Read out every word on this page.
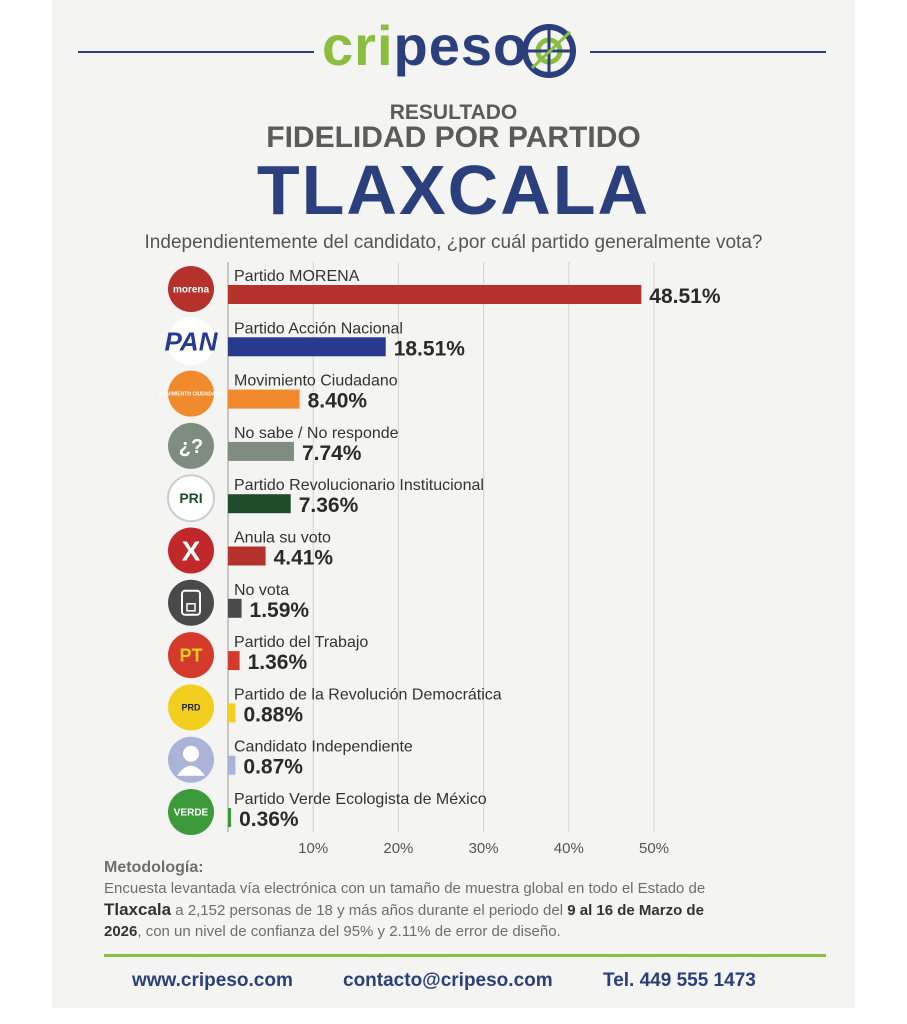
cripeso
RESULTADO
FIDELIDAD POR PARTIDO
TLAXCALA
Independientemente del candidato, ¿por cuál partido generalmente vota?
10%	20%	30%	40%	50%
morena
Partido MORENA
48.51%
PAN Partido Acción Nacional
18.51%
MOVIMIENTO CIUDADANO
Movimiento Ciudadano
8.40%
¿?
No sabe / No responde
7.74%
PRI
Partido Revolucionario Institucional
7.36%
X Anula su voto
4.41%
No vota
1.59%
PT
Partido del Trabajo
1.36%
PRD
Partido de la Revolución Democrática
0.88%
Candidato Independiente
0.87%
VERDE
Partido Verde Ecologista de México
0.36%
Metodología:
Encuesta levantada vía electrónica con un tamaño de muestra global en todo el Estado de
Tlaxcala a 2,152 personas de 18 y más años durante el periodo del 9 al 16 de Marzo de
2026, con un nivel de confianza del 95% y 2.11% de error de diseño.
www.cripeso.com	contacto@cripeso.com	Tel. 449 555 1473
